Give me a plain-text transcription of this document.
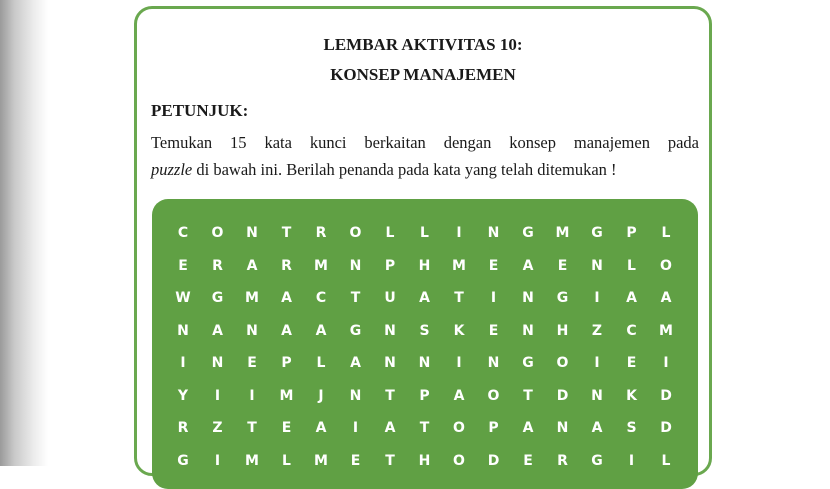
LEMBAR AKTIVITAS 10:
KONSEP MANAJEMEN
PETUNJUK:
Temukan 15 kata kunci berkaitan dengan konsep manajemen pada
puzzle di bawah ini. Berilah penanda pada kata yang telah ditemukan !
C	O	N	T	R	O	L	L	I	N	G	M	G	P	L
E	R	A	R	M	N	P	H	M	E	A	E	N	L	O
W	G	M	A	C	T	U	A	T	I	N	G	I	A	A
N	A	N	A	A	G	N	S	K	E	N	H	Z	C	M
I	N	E	P	L	A	N	N	I	N	G	O	I	E	I
Y	I	I	M	J	N	T	P	A	O	T	D	N	K	D
R	Z	T	E	A	I	A	T	O	P	A	N	A	S	D
G	I	M	L	M	E	T	H	O	D	E	R	G	I	L
